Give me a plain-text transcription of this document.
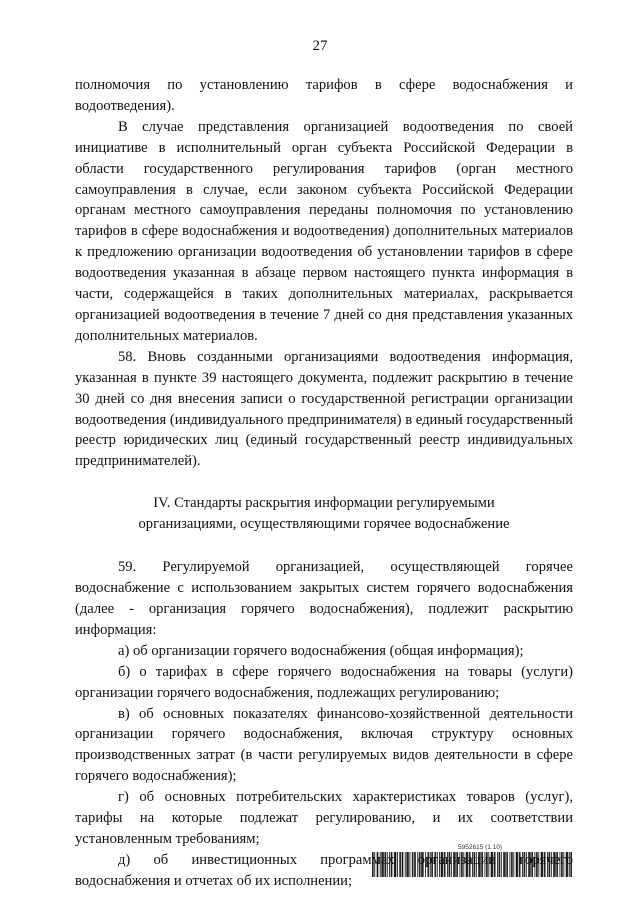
27

полномочия по установлению тарифов в сфере водоснабжения и водоотведения).

В случае представления организацией водоотведения по своей инициативе в исполнительный орган субъекта Российской Федерации в области государственного регулирования тарифов (орган местного самоуправления в случае, если законом субъекта Российской Федерации органам местного самоуправления переданы полномочия по установлению тарифов в сфере водоснабжения и водоотведения) дополнительных материалов к предложению организации водоотведения об установлении тарифов в сфере водоотведения указанная в абзаце первом настоящего пункта информация в части, содержащейся в таких дополнительных материалах, раскрывается организацией водоотведения в течение 7 дней со дня представления указанных дополнительных материалов.

58. Вновь созданными организациями водоотведения информация, указанная в пункте 39 настоящего документа, подлежит раскрытию в течение 30 дней со дня внесения записи о государственной регистрации организации водоотведения (индивидуального предпринимателя) в единый государственный реестр юридических лиц (единый государственный реестр индивидуальных предпринимателей).

IV. Стандарты раскрытия информации регулируемыми
организациями, осуществляющими горячее водоснабжение

59. Регулируемой организацией, осуществляющей горячее водоснабжение с использованием закрытых систем горячего водоснабжения (далее - организация горячего водоснабжения), подлежит раскрытию информация:

а) об организации горячего водоснабжения (общая информация);

б) о тарифах в сфере горячего водоснабжения на товары (услуги) организации горячего водоснабжения, подлежащих регулированию;

в) об основных показателях финансово-хозяйственной деятельности организации горячего водоснабжения, включая структуру основных производственных затрат (в части регулируемых видов деятельности в сфере горячего водоснабжения);

г) об основных потребительских характеристиках товаров (услуг), тарифы на которые подлежат регулированию, и их соответствии установленным требованиям;

д) об инвестиционных программах организации горячего водоснабжения и отчетах об их исполнении;

5952615 (1.10)
